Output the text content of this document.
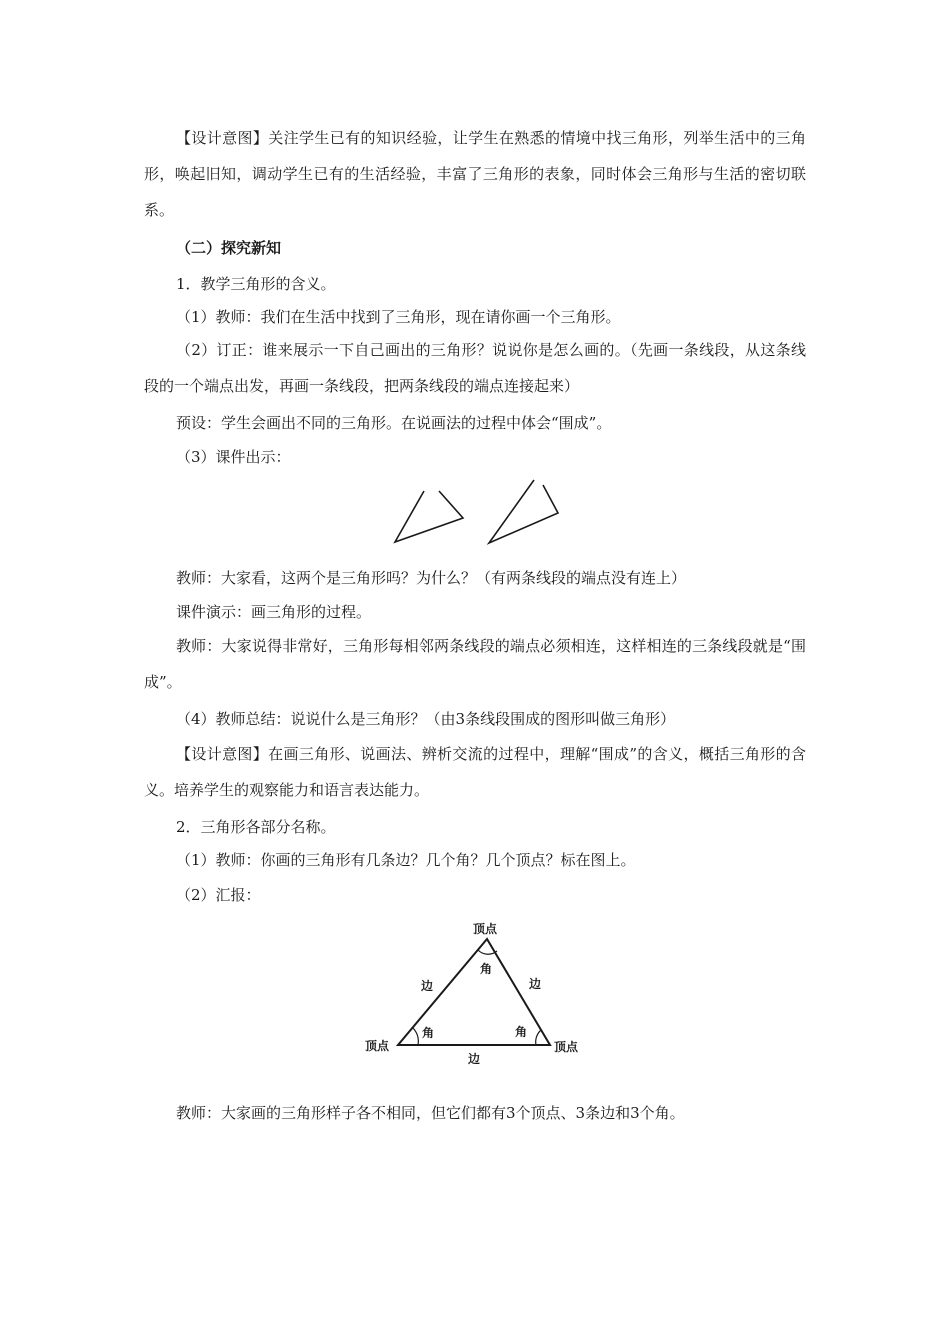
【设计意图】关注学生已有的知识经验，让学生在熟悉的情境中找三角形，列举生活中的三角形，唤起旧知，调动学生已有的生活经验，丰富了三角形的表象，同时体会三角形与生活的密切联系。

（二）探究新知

1．教学三角形的含义。

（1）教师：我们在生活中找到了三角形，现在请你画一个三角形。

（2）订正：谁来展示一下自己画出的三角形？说说你是怎么画的。（先画一条线段，从这条线段的一个端点出发，再画一条线段，把两条线段的端点连接起来）

预设：学生会画出不同的三角形。在说画法的过程中体会“围成”。

（3）课件出示：

教师：大家看，这两个是三角形吗？为什么？（有两条线段的端点没有连上）

课件演示：画三角形的过程。

教师：大家说得非常好，三角形每相邻两条线段的端点必须相连，这样相连的三条线段就是“围成”。

（4）教师总结：说说什么是三角形？（由3条线段围成的图形叫做三角形）

【设计意图】在画三角形、说画法、辨析交流的过程中，理解“围成”的含义，概括三角形的含义。培养学生的观察能力和语言表达能力。

2．三角形各部分名称。

（1）教师：你画的三角形有几条边？几个角？几个顶点？标在图上。

（2）汇报：

顶点
顶点	顶点
边	边
边
角
角	角

教师：大家画的三角形样子各不相同，但它们都有3个顶点、3条边和3个角。
